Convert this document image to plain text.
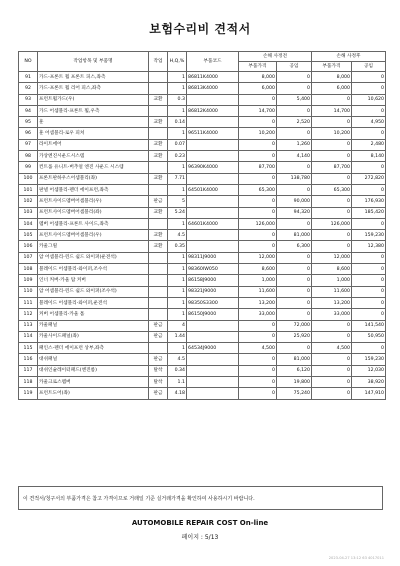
보험수리비 견적서
NO	작업항목 및 부품명	작업	H,Q,%	부품코드	손해 사정전		손해 사정후	
					부품가격	공임	부품가격	공임
91	가드-프론트 휠 프론트 피스,좌측		1	86811K4000	8,000	0	8,000	0
92	가드-프론트 휠 리어 피스,좌측		1	86813K4000	6,000	0	6,000	0
93	프런트휠가드(우)	교환	0.3		0	5,400	0	10,620
94	가드 어셈블리-프론트 휠,우측		1	86812K4000	14,700	0	14,700	0
95	훈	교환	0.14		0	2,520	0	4,950
96	훈 어셈블리-로우 피쳐		1	96511K4000	10,200	0	10,200	0
97	라이트에어	교환	0.07		0	1,260	0	2,480
98	가상엔진시운드시스템	교환	0.23		0	4,140	0	8,140
99	컨트롤 유니트-버추얼 엔진 사운드 시스템		1	96390K4000	87,700	0	87,700	0
100	프론트판하우스어셈블리(좌)	교환	7.71		0	138,780	0	272,820
101	판넬 어셈블리-펜더 에이프런,좌측		1	64501K4000	65,300	0	65,300	0
102	프런트사이드멤버어셈블리(우)	판금	5		0	90,000	0	176,930
103	프런트사이드멤버어셈블리(좌)	교환	5.24		0	94,320	0	185,420
104	멤버 어셈블리-프론트 사이드,좌측		1	64601K4000	126,000	0	126,000	0
105	프런트사이드멤버어셈블리(우)	교환	4.5		0	81,000	0	159,230
106	카울그릴	교환	0.35		0	6,300	0	12,380
107	암 어셈블리-윈드 쉴드 와이퍼(운전석)		1	98311J9000	12,000	0	12,000	0
108	블레이드 어셈블리-와이퍼,조수석		1	98360IW050	8,600	0	8,600	0
109	인너 커버-카울 탑 커버		1	86158J9000	1,000	0	1,000	0
110	암 어셈블리-윈드 쉴드 와이퍼(조수석)		1	98321J9000	11,600	0	11,600	0
111	블레이드 어셈블리-와이퍼,운전석		1	98350S3300	13,200	0	13,200	0
112	커버 어셈블리-카울 톱		1	86150J9000	33,000	0	33,000	0
113	카울패널	판금	4		0	72,000	0	141,540
114	카울사이드패널(좌)	판금	1.44		0	25,920	0	50,950
115	패인스-펜더 에이프런 상부,좌측		1	64534J9000	4,500	0	4,500	0
116	대쉬패널	판금	4.5		0	81,000	0	159,230
117	대쉬인슐레이터패드(엔진룸)	탈착	0.34		0	6,120	0	12,030
118	카울크로스멤버	탈착	1.1		0	19,800	0	38,920
119	프런트도어(좌)	판금	4.18		0	75,240	0	147,910
이 견적서/청구서의 부품가격은 참고 가격이므로 거래일 기준 실거래가격을 확인하여 사용하시기 바랍니다.
AUTOMOBILE REPAIR COST On-line
페이지 : 5/13
2023-04-27 13:12 63 4017011
